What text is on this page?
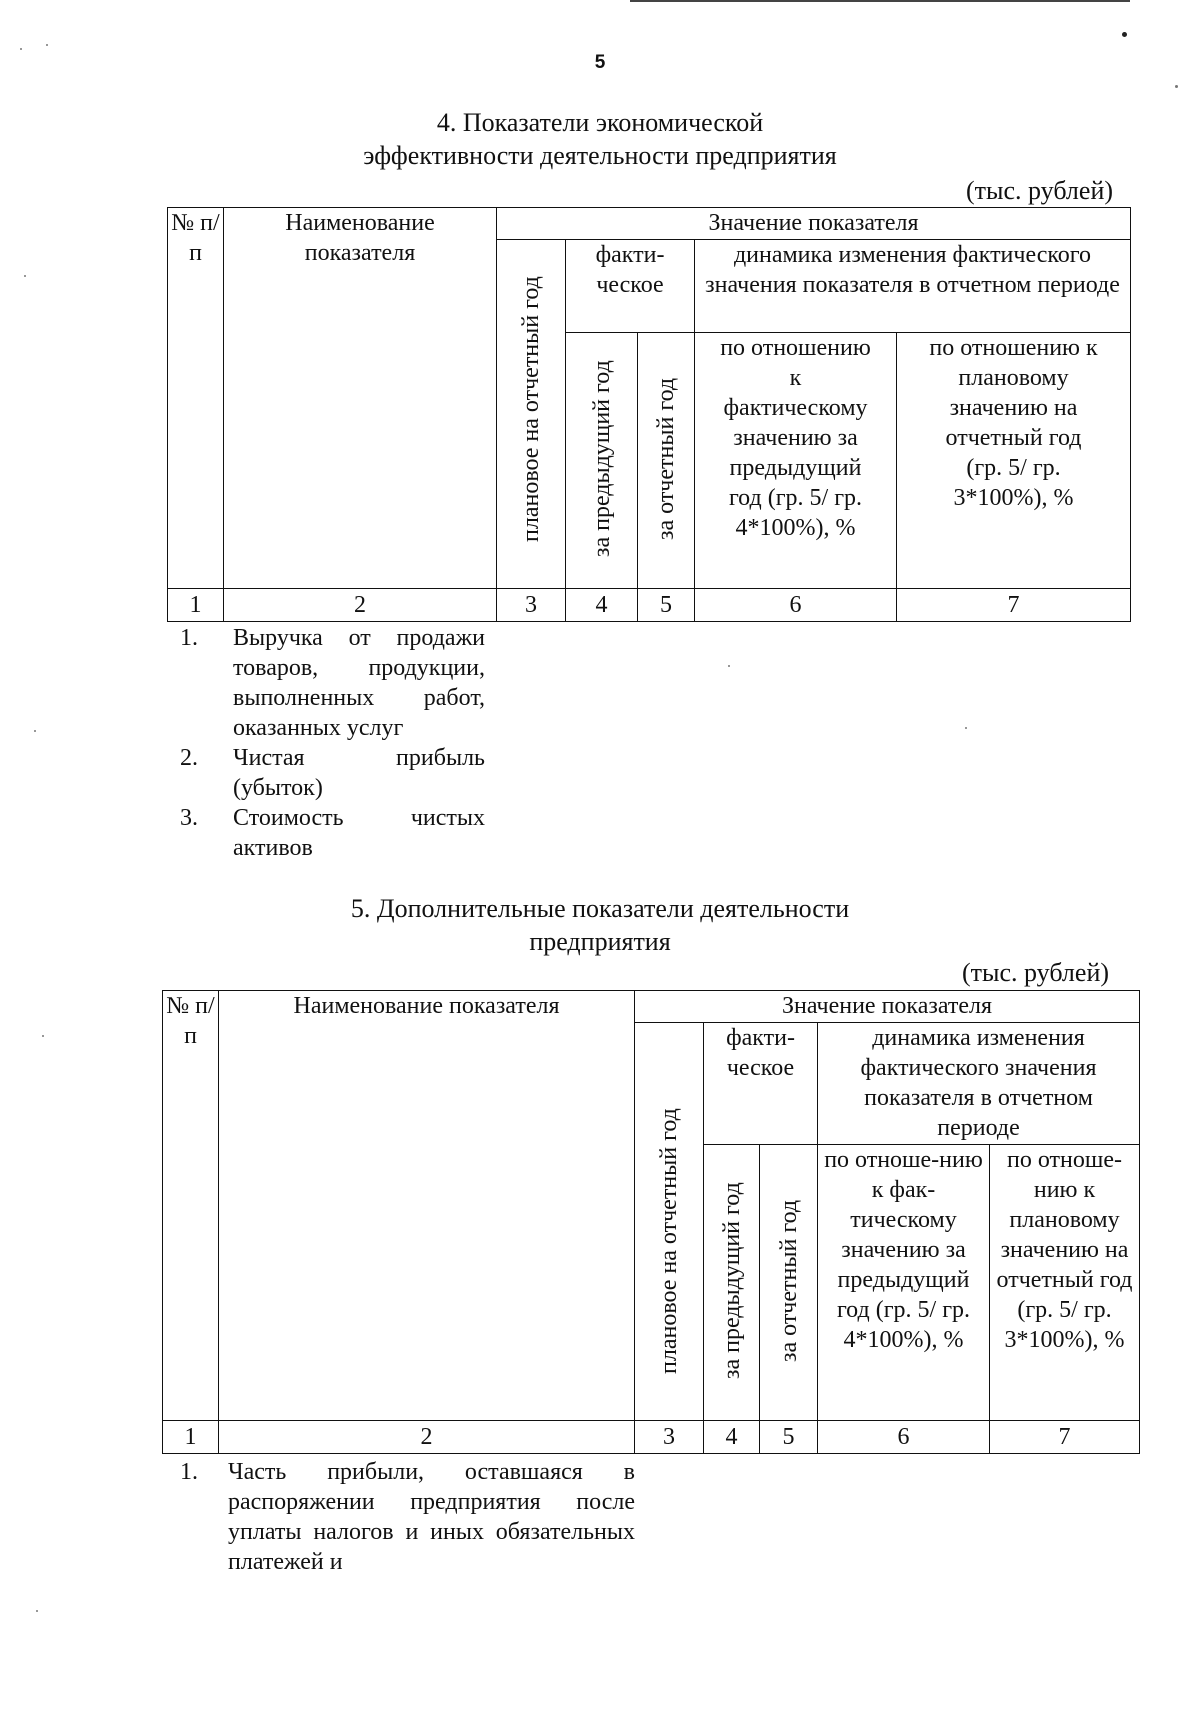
5
4. Показатели экономической
эффективности деятельности предприятия
(тыс. рублей)
№ п/п	Наименование показателя	Значение показателя				
		плановое на отчетный год	факти-ческое		динамика изменения фактического значения показателя в отчетном периоде	
			за предыдущий год	за отчетный год	по отношению к фактическому значению за предыдущий год (гр. 5/ гр. 4*100%), %	по отношению к плановому значению на отчетный год (гр. 5/ гр. 3*100%), %
1	2	3	4	5	6	7
1.	Выручка от продажи товаров, продукции, выполненных работ, оказанных услуг
2.	Чистая прибыль (убыток)
3.	Стоимость чистых активов
5. Дополнительные показатели деятельности
предприятия
(тыс. рублей)
№ п/п	Наименование показателя	Значение показателя				
		плановое на отчетный год	факти-ческое		динамика изменения фактического значения показателя в отчетном периоде	
			за предыдущий год	за отчетный год	по отноше-нию к фак-тическому значению за предыдущий год (гр. 5/ гр. 4*100%), %	по отноше-нию к плановому значению на отчетный год (гр. 5/ гр. 3*100%), %
1	2	3	4	5	6	7
1.	Часть прибыли, оставшаяся в распоряжении предприятия после уплаты налогов и иных обязательных платежей и
